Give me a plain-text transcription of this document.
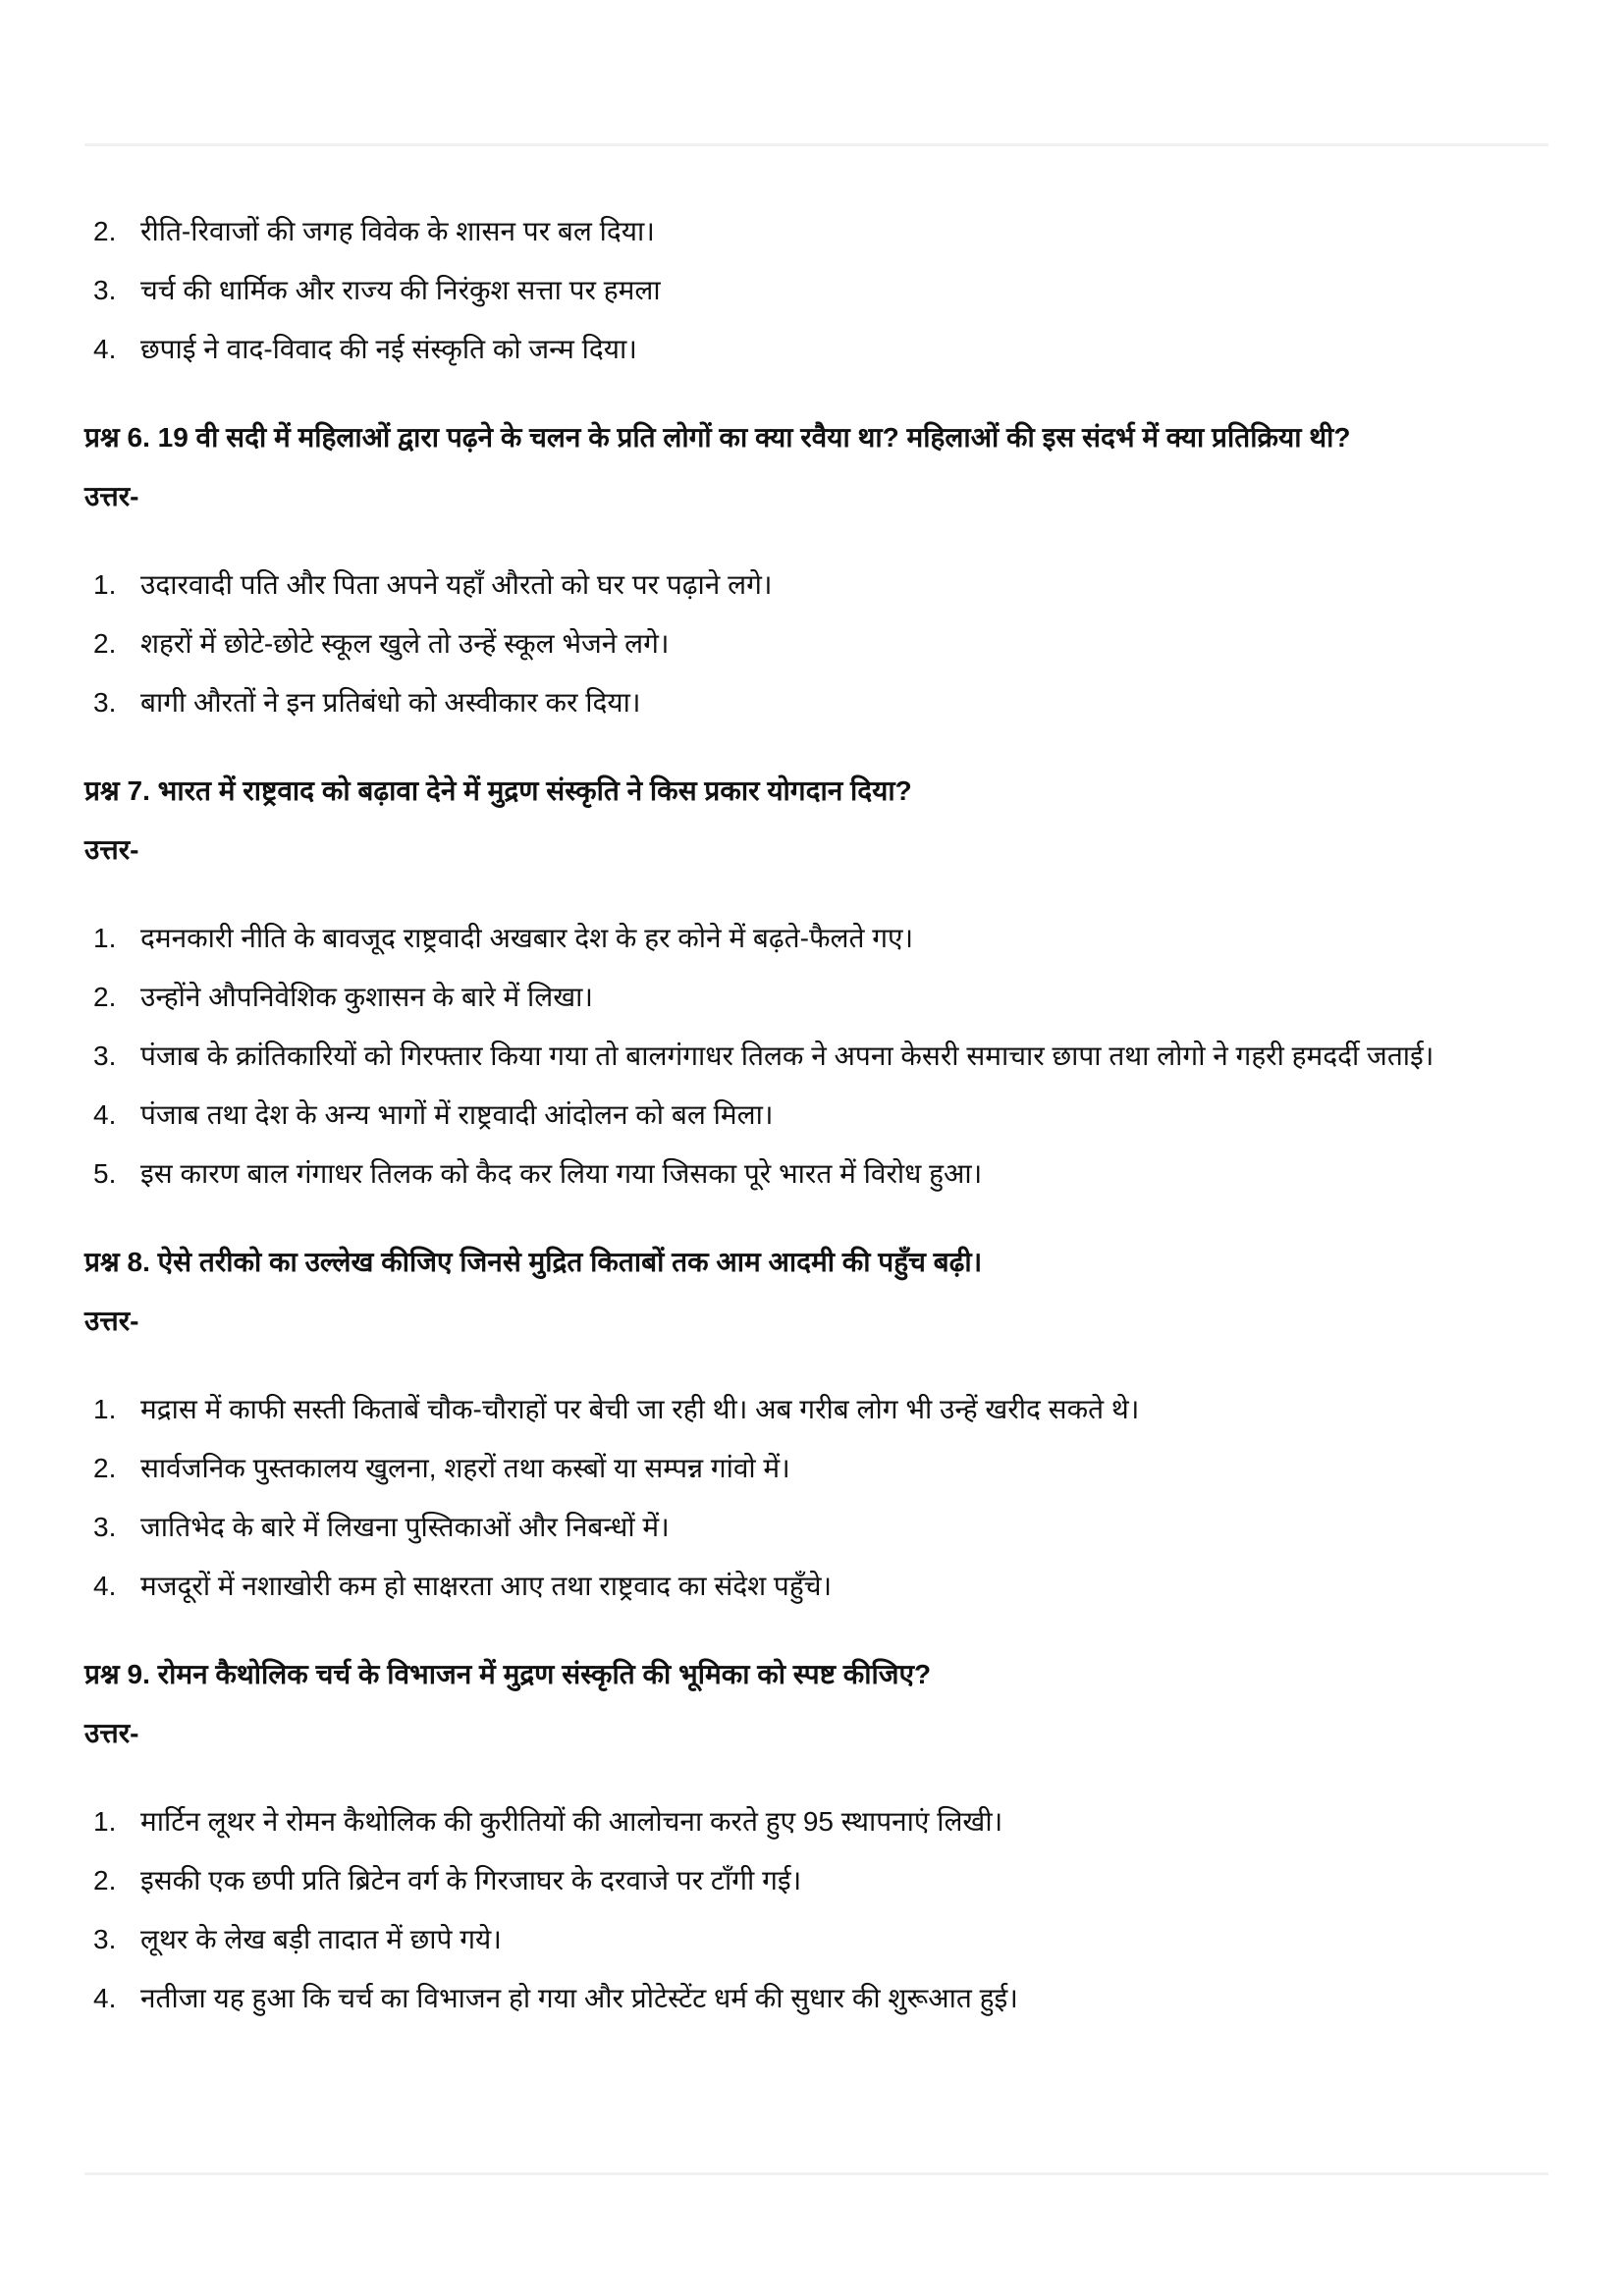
2. रीति-रिवाजों की जगह विवेक के शासन पर बल दिया।
3. चर्च की धार्मिक और राज्य की निरंकुश सत्ता पर हमला
4. छपाई ने वाद-विवाद की नई संस्कृति को जन्म दिया।
प्रश्न 6. 19 वी सदी में महिलाओं द्वारा पढ़ने के चलन के प्रति लोगों का क्या रवैया था? महिलाओं की इस संदर्भ में क्या प्रतिक्रिया थी?
उत्तर-
1. उदारवादी पति और पिता अपने यहाँ औरतो को घर पर पढ़ाने लगे।
2. शहरों में छोटे-छोटे स्कूल खुले तो उन्हें स्कूल भेजने लगे।
3. बागी औरतों ने इन प्रतिबंधो को अस्वीकार कर दिया।
प्रश्न 7. भारत में राष्ट्रवाद को बढ़ावा देने में मुद्रण संस्कृति ने किस प्रकार योगदान दिया?
उत्तर-
1. दमनकारी नीति के बावजूद राष्ट्रवादी अखबार देश के हर कोने में बढ़ते-फैलते गए।
2. उन्होंने औपनिवेशिक कुशासन के बारे में लिखा।
3. पंजाब के क्रांतिकारियों को गिरफ्तार किया गया तो बालगंगाधर तिलक ने अपना केसरी समाचार छापा तथा लोगो ने गहरी हमदर्दी जताई।
4. पंजाब तथा देश के अन्य भागों में राष्ट्रवादी आंदोलन को बल मिला।
5. इस कारण बाल गंगाधर तिलक को कैद कर लिया गया जिसका पूरे भारत में विरोध हुआ।
प्रश्न 8. ऐसे तरीको का उल्लेख कीजिए जिनसे मुद्रित किताबों तक आम आदमी की पहुँच बढ़ी।
उत्तर-
1. मद्रास में काफी सस्ती किताबें चौक-चौराहों पर बेची जा रही थी। अब गरीब लोग भी उन्हें खरीद सकते थे।
2. सार्वजनिक पुस्तकालय खुलना, शहरों तथा कस्बों या सम्पन्न गांवो में।
3. जातिभेद के बारे में लिखना पुस्तिकाओं और निबन्धों में।
4. मजदूरों में नशाखोरी कम हो साक्षरता आए तथा राष्ट्रवाद का संदेश पहुँचे।
प्रश्न 9. रोमन कैथोलिक चर्च के विभाजन में मुद्रण संस्कृति की भूमिका को स्पष्ट कीजिए?
उत्तर-
1. मार्टिन लूथर ने रोमन कैथोलिक की कुरीतियों की आलोचना करते हुए 95 स्थापनाएं लिखी।
2. इसकी एक छपी प्रति ब्रिटेन वर्ग के गिरजाघर के दरवाजे पर टाँगी गई।
3. लूथर के लेख बड़ी तादात में छापे गये।
4. नतीजा यह हुआ कि चर्च का विभाजन हो गया और प्रोटेस्टेंट धर्म की सुधार की शुरूआत हुई।
